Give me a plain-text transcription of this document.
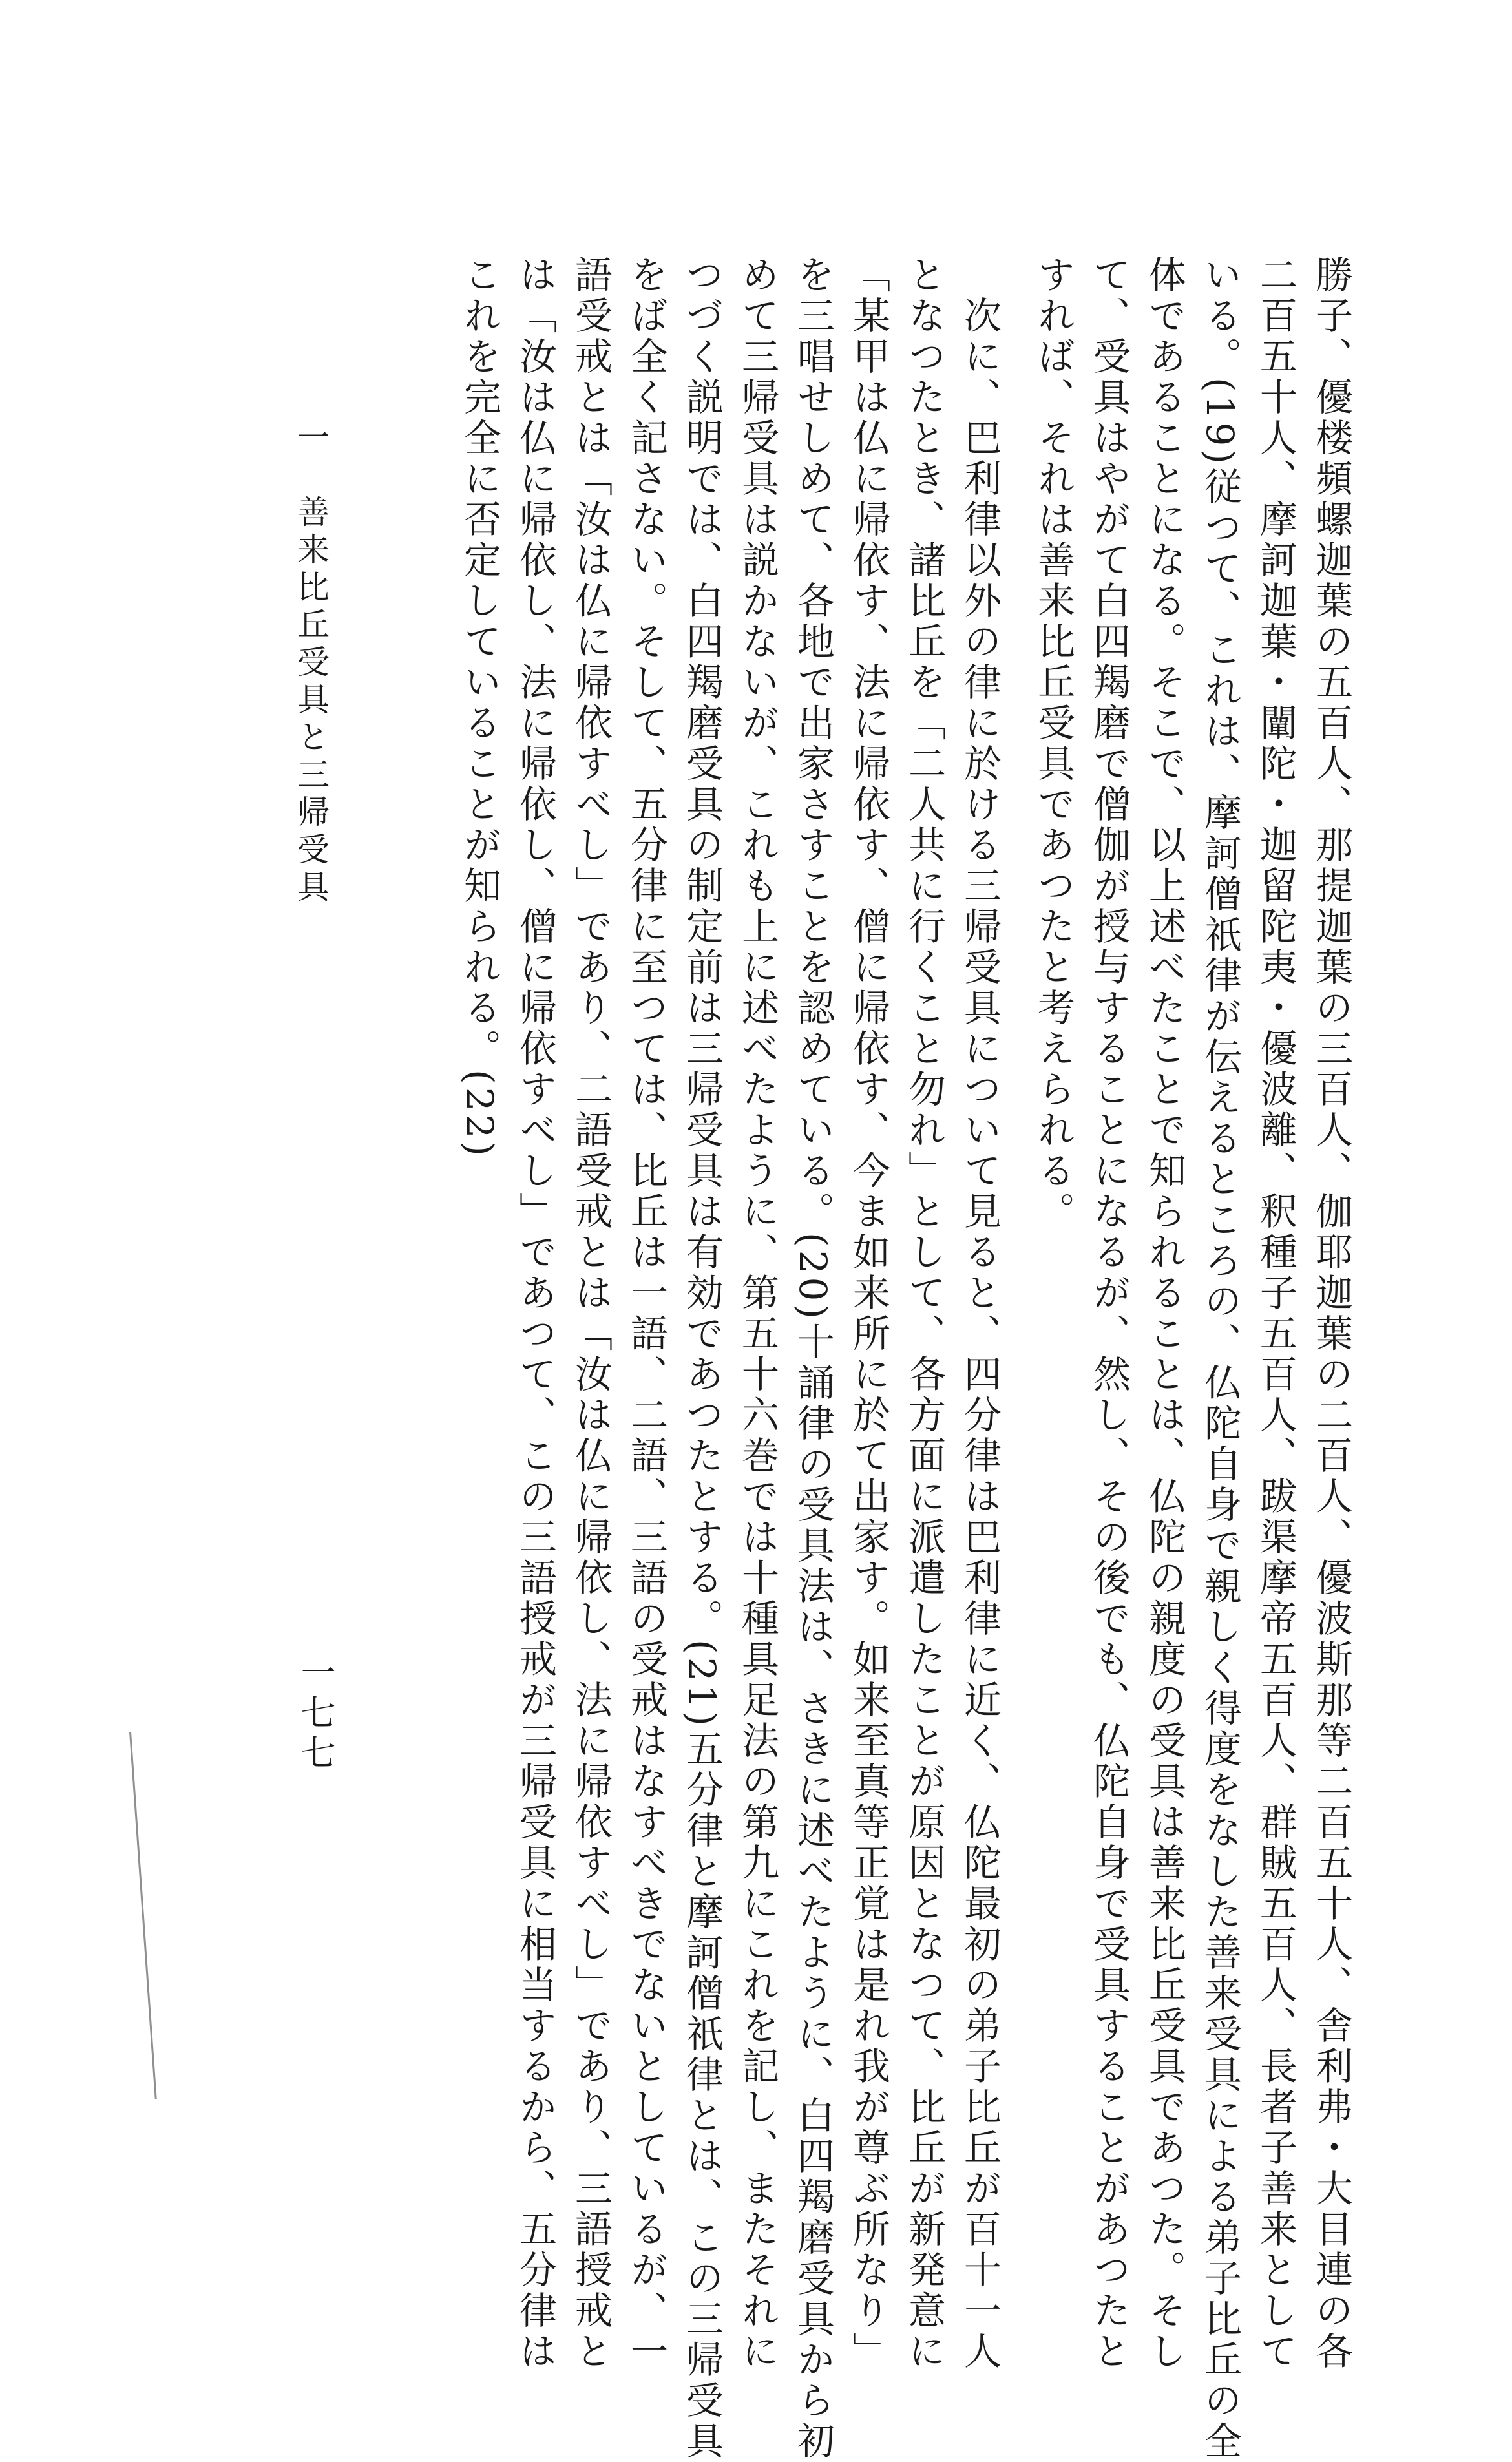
勝子、優楼頻螺迦葉の五百人、那提迦葉の三百人、伽耶迦葉の二百人、優波斯那等二百五十人、舎利弗・大目連の各
二百五十人、摩訶迦葉・闡陀・迦留陀夷・優波離、釈種子五百人、跋渠摩帝五百人、群賊五百人、長者子善来として
いる。(19)従つて、これは、摩訶僧祇律が伝えるところの、仏陀自身で親しく得度をなした善来受具による弟子比丘の全
体であることになる。そこで、以上述べたことで知られることは、仏陀の親度の受具は善来比丘受具であつた。そし
て、受具はやがて白四羯磨で僧伽が授与することになるが、然し、その後でも、仏陀自身で受具することがあつたと
すれば、それは善来比丘受具であつたと考えられる。
　次に、巴利律以外の律に於ける三帰受具について見ると、四分律は巴利律に近く、仏陀最初の弟子比丘が百十一人
となつたとき、諸比丘を「二人共に行くこと勿れ」として、各方面に派遣したことが原因となつて、比丘が新発意に
「某甲は仏に帰依す、法に帰依す、僧に帰依す、今ま如来所に於て出家す。如来至真等正覚は是れ我が尊ぶ所なり」
を三唱せしめて、各地で出家さすことを認めている。(20)十誦律の受具法は、さきに述べたように、白四羯磨受具から初
めて三帰受具は説かないが、これも上に述べたように、第五十六巻では十種具足法の第九にこれを記し、またそれに
つづく説明では、白四羯磨受具の制定前は三帰受具は有効であつたとする。(21)五分律と摩訶僧祇律とは、この三帰受具
をば全く記さない。そして、五分律に至つては、比丘は一語、二語、三語の受戒はなすべきでないとしているが、一
語受戒とは「汝は仏に帰依すべし」であり、二語受戒とは「汝は仏に帰依し、法に帰依すべし」であり、三語授戒と
は「汝は仏に帰依し、法に帰依し、僧に帰依すべし」であつて、この三語授戒が三帰受具に相当するから、五分律は
これを完全に否定していることが知られる。(22)
一　善来比丘受具と三帰受具
一七七
